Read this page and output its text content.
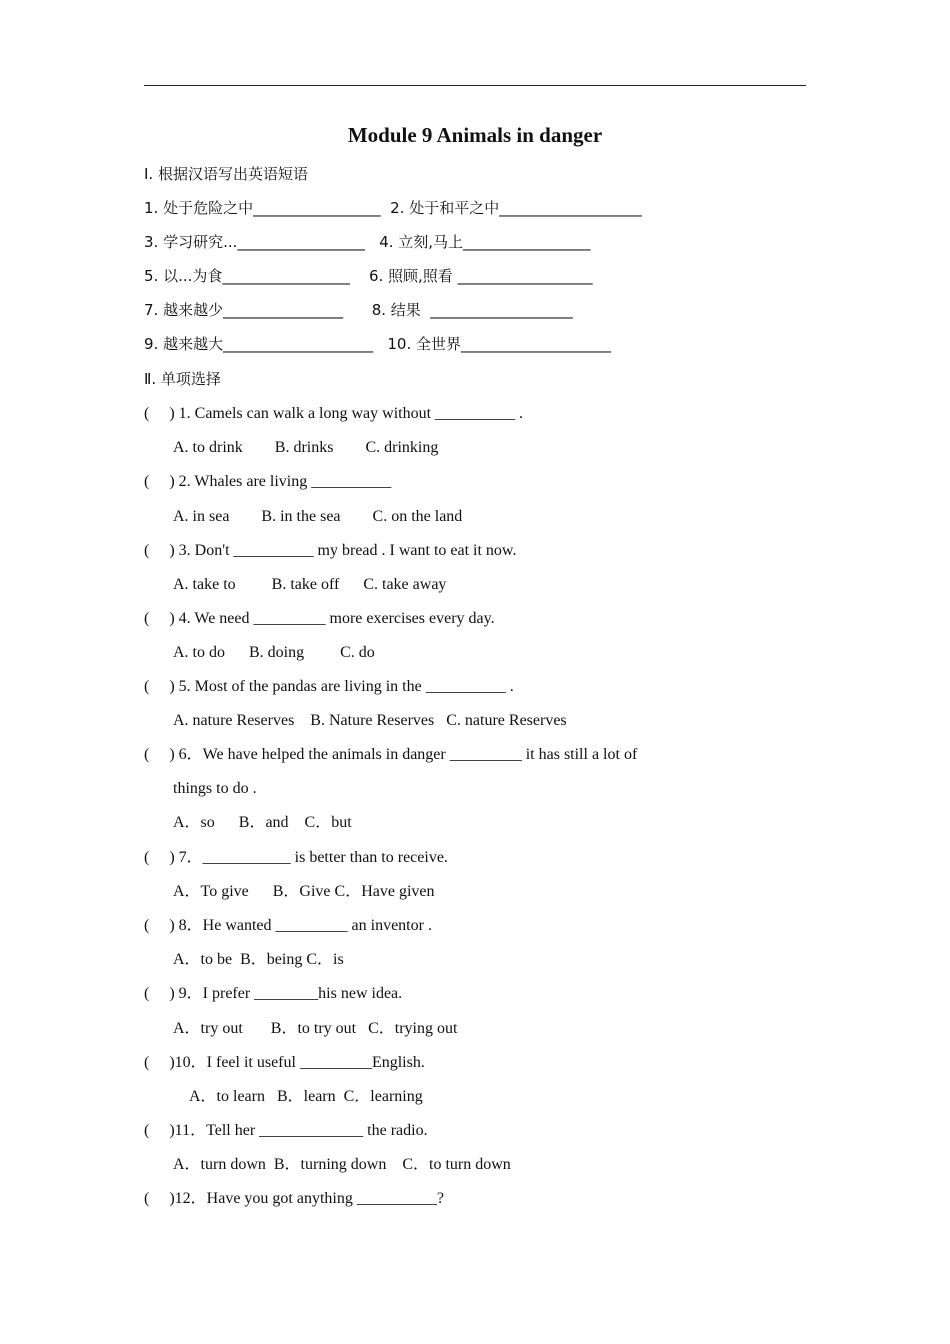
Module 9 Animals in danger
I. 根据汉语写出英语短语
1. 处于危险之中_________________  2. 处于和平之中___________________
3. 学习研究..._________________   4. 立刻,马上_________________
5. 以...为食_________________    6. 照顾,照看 __________________
7. 越来越少________________      8. 结果  ___________________
9. 越来越大____________________   10. 全世界____________________
Ⅱ. 单项选择
(     ) 1. Camels can walk a long way without __________ .
A. to drink        B. drinks        C. drinking
(     ) 2. Whales are living __________
A. in sea        B. in the sea        C. on the land
(     ) 3. Don't __________ my bread . I want to eat it now.
A. take to         B. take off      C. take away
(     ) 4. We need _________ more exercises every day.
A. to do      B. doing         C. do
(     ) 5. Most of the pandas are living in the __________ .
A. nature Reserves    B. Nature Reserves   C. nature Reserves
(     ) 6．We have helped the animals in danger _________ it has still a lot of
things to do .
A．so      B．and    C．but
(     ) 7．___________ is better than to receive.
A．To give      B．Give C．Have given
(     ) 8．He wanted _________ an inventor .
A．to be  B．being C．is
(     ) 9．I prefer ________his new idea.
A．try out       B．to try out   C．trying out
(     )10．I feel it useful _________English.
A．to learn   B．learn  C．learning
(     )11．Tell her _____________ the radio.
A．turn down  B．turning down    C．to turn down
(     )12．Have you got anything __________?
